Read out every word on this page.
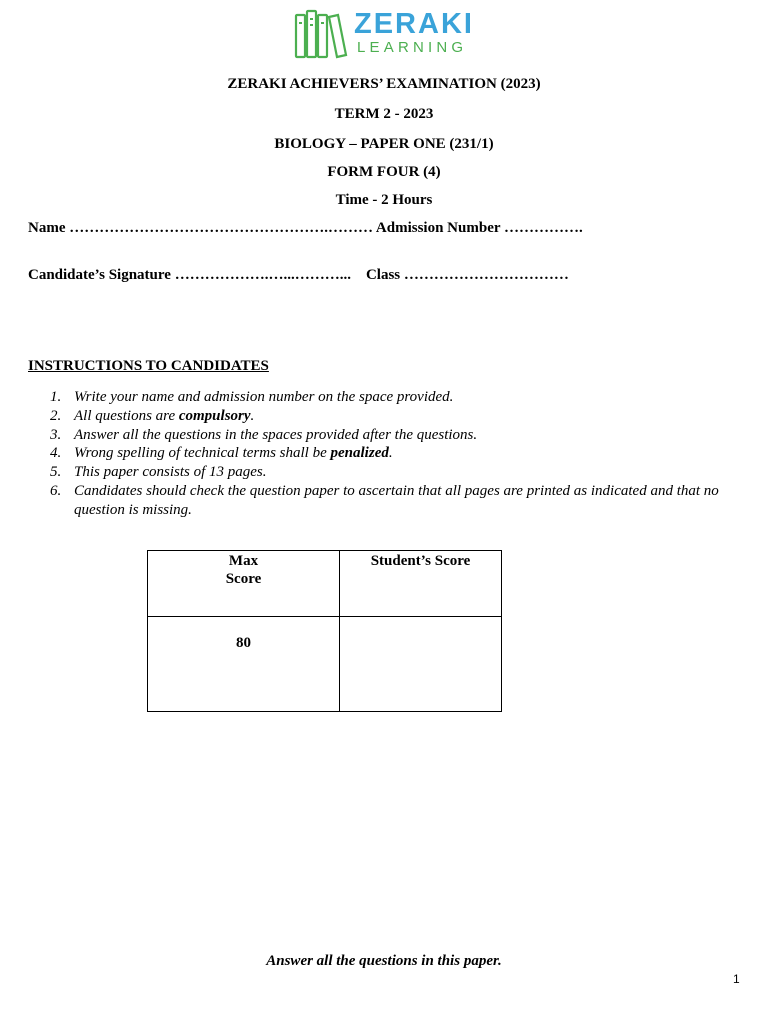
ZERAKI
LEARNING
ZERAKI ACHIEVERS’ EXAMINATION (2023)
TERM 2 - 2023
BIOLOGY – PAPER ONE (231/1)
FORM FOUR (4)
Time - 2 Hours
Name …………………………………………….……… Admission Number …………….
Candidate’s Signature ……………….…...………...    Class ……………………………
INSTRUCTIONS TO CANDIDATES
1. Write your name and admission number on the space provided.
2. All questions are compulsory.
3. Answer all the questions in the spaces provided after the questions.
4. Wrong spelling of technical terms shall be penalized.
5. This paper consists of 13 pages.
6. Candidates should check the question paper to ascertain that all pages are printed as indicated and that no question is missing.
Max
Score	Student’s Score

80	

Answer all the questions in this paper.
1
